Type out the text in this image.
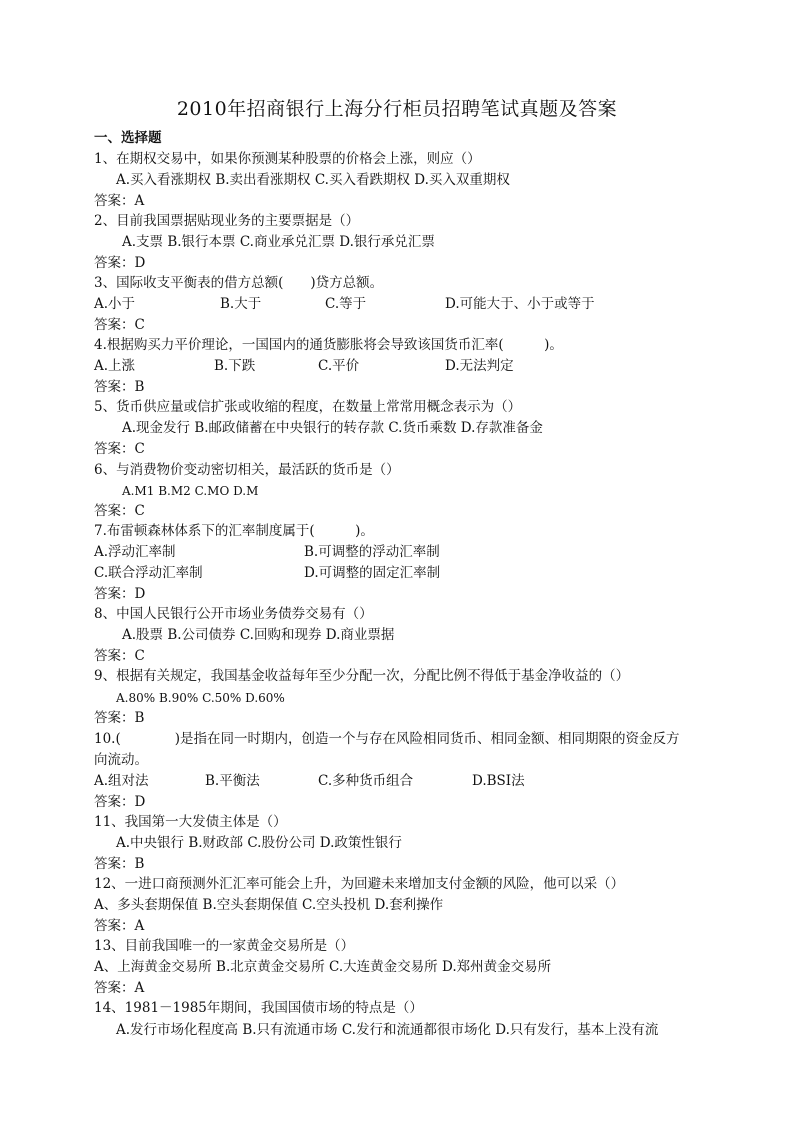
2010年招商银行上海分行柜员招聘笔试真题及答案
一、选择题
1、在期权交易中，如果你预测某种股票的价格会上涨，则应（）
A.买入看涨期权 B.卖出看涨期权 C.买入看跌期权 D.买入双重期权
答案：A
2、目前我国票据贴现业务的主要票据是（）
A.支票 B.银行本票 C.商业承兑汇票 D.银行承兑汇票
答案：D
3、国际收支平衡表的借方总额(　　)贷方总额。
A.小于	B.大于	C.等于	D.可能大于、小于或等于
答案：C
4.根据购买力平价理论，一国国内的通货膨胀将会导致该国货币汇率(　　　)。
A.上涨	B.下跌	C.平价	D.无法判定
答案：B
5、货币供应量或信扩张或收缩的程度，在数量上常常用概念表示为（）
A.现金发行 B.邮政储蓄在中央银行的转存款 C.货币乘数 D.存款准备金
答案：C
6、与消费物价变动密切相关，最活跃的货币是（）
A.M1 B.M2 C.MO D.M
答案：C
7.布雷顿森林体系下的汇率制度属于(　　　)。
A.浮动汇率制	B.可调整的浮动汇率制
C.联合浮动汇率制	D.可调整的固定汇率制
答案：D
8、中国人民银行公开市场业务债券交易有（）
A.股票 B.公司债券 C.回购和现券 D.商业票据
答案：C
9、根据有关规定，我国基金收益每年至少分配一次，分配比例不得低于基金净收益的（）
A.80% B.90% C.50% D.60%
答案：B
10.(　　　　)是指在同一时期内，创造一个与存在风险相同货币、相同金额、相同期限的资金反方
向流动。
A.组对法	B.平衡法	C.多种货币组合	D.BSI法
答案：D
11、我国第一大发债主体是（）
A.中央银行 B.财政部 C.股份公司 D.政策性银行
答案：B
12、一进口商预测外汇汇率可能会上升，为回避未来增加支付金额的风险，他可以采（）
A、多头套期保值 B.空头套期保值 C.空头投机 D.套利操作
答案：A
13、目前我国唯一的一家黄金交易所是（）
A、上海黄金交易所 B.北京黄金交易所 C.大连黄金交易所 D.郑州黄金交易所
答案：A
14、1981－1985年期间，我国国债市场的特点是（）
A.发行市场化程度高 B.只有流通市场 C.发行和流通都很市场化 D.只有发行，基本上没有流
